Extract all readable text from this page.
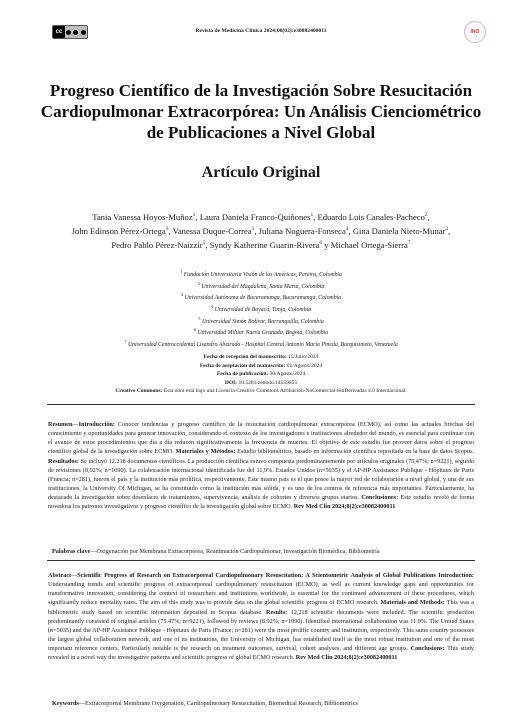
cc	Revista de Medicina Clinica 2024;08(02):e30082400011	INO
Progreso Científico de la Investigación Sobre Resucitación Cardiopulmonar Extracorpórea: Un Análisis Cienciométrico de Publicaciones a Nivel Global
Artículo Original
Tania Vanessa Hoyos-Muñoz$^1$, Laura Daniela Franco-Quiñones$^1$, Eduardo Luis Canales-Pacheco$^2$, John Edinson Pérez-Ortega$^3$, Vanessa Duque-Correa$^1$, Juliana Noguera-Fonseca$^4$, Gina Daniela Nieto-Munar$^3$, Pedro Pablo Pérez-Naizzir$^5$, Syndy Katherine Guarin-Rivera$^6$ y Michael Ortega-Sierra$^7$
$^1$ Fundación Universitaria Visión de las Américas, Pereira, Colombia
$^2$ Universidad del Magdalena, Santa Marta, Colombia
$^3$ Universidad Autónoma de Bucaramanga, Bucaramanga, Colombia
$^4$ Universidad de Boyacá, Tunja, Colombia
$^5$ Universidad Simón Bolívar, Barranquilla, Colombia
$^6$ Universidad Militar Nueva Granada, Bogotá, Colombia
$^7$ Universidad Centroccidental Lisandro Alvarado - Hospital Central Antonio María Pineda, Barquisimeto, Venezuela
Fecha de recepción del manuscrito: 15/Julio/2024
Fecha de aceptación del manuscrito: 01/Agosto/2024
Fecha de publicación: 30/Agosto/2024
DOI: 10.5281/zenodo.14559855
Creative Commons: Esta obra está bajo una Licencia Creative Commons Atribución-NoComercial-SinDerivadas 4.0 Internacional.
Resumen—Introducción: Conocer tendencias y progreso científico de la resucitación cardiopulmonar extracorpórea (ECMO), así como las actuales brechas del conocimiento y oportunidades para generar innovación, considerando el contexto de los investigadores e instituciones alrededor del mundo, es esencial para continuar con el avance de estos procedimientos que día a día reducen significativamente la frecuencia de muertes. El objetivo de este estudio fue proveer datos sobre el progreso científico global de la investigación sobre ECMO. Materiales y Métodos: Estudio bibliométrico, basado en información científica repositada en la base de datos Scopus. Resultados: Se incluyó 12.218 documentos científicos. La producción científica estuvo compuesta predominantemente por artículos originales (75,47%; n=9221), seguido de revisiones (8,92%; n=1090). La colaboración internacional identificada fue del 11,9%. Estados Unidos (n=5035) y el AP-HP Assistance Publique - Hôpitaux de Paris (Francia; n=281), fueron el país y la institución más prolífica, respectivamente. Este mismo país es el que posee la mayor red de colaboración a nivel global, y una de sus instituciones, la University Of Michigan, se ha constituido como la institución más sólida, y es uno de los centros de referencia más importantes. Particularmente, ha destacado la investigación sobre desenlaces de tratamientos, supervivencia, análisis de cohortes y diversos grupos etarios. Conclusiones: Este estudio reveló de forma novedosa los patrones investigativos y progreso científico de la investigación global sobre ECMO. Rev Med Clin 2024;8(2):e30082400011
Palabras clave—Oxigenación por Membrana Extracorpórea, Reanimación Cardiopulmonar, Investigación Biomédica, Bibliometría
Abstract—Scientific Progress of Research on Extracorporeal Cardiopulmonary Resuscitation: A Scientometric Analysis of Global Publications Introduction: Understanding trends and scientific progress of extracorporeal cardiopulmonary resuscitation (ECMO), as well as current knowledge gaps and opportunities for transformative innovation, considering the context of researchers and institutions worldwide, is essential for the continued advancement of these procedures, which significantly reduce mortality rates. The aim of this study was to provide data on the global scientific progress of ECMO research. Materials and Methods: This was a bibliometric study based on scientific information deposited in Scopus database. Results: 12,218 scientific documents were included. The scientific production predominantly consisted of original articles (75.47%; n=9221), followed by reviews (8.92%; n=1090). Identified international collaboration was 11.9%. The United States (n=5035) and the AP-HP Assistance Publique - Hôpitaux de Paris (France; n=281) were the most prolific country and institution, respectively. This same country possesses the largest global collaboration network, and one of its institutions, the University of Michigan, has established itself as the most robust institution and one of the most important reference centers. Particularly notable is the research on treatment outcomes, survival, cohort analyses, and different age groups. Conclusions: This study revealed in a novel way the investigative patterns and scientific progress of global ECMO research. Rev Med Clin 2024;8(2):e30082400011
Keywords—Extracorporeal Membrane Oxygenation, Cardiopulmonary Resuscitation, Biomedical Research, Bibliometrics
